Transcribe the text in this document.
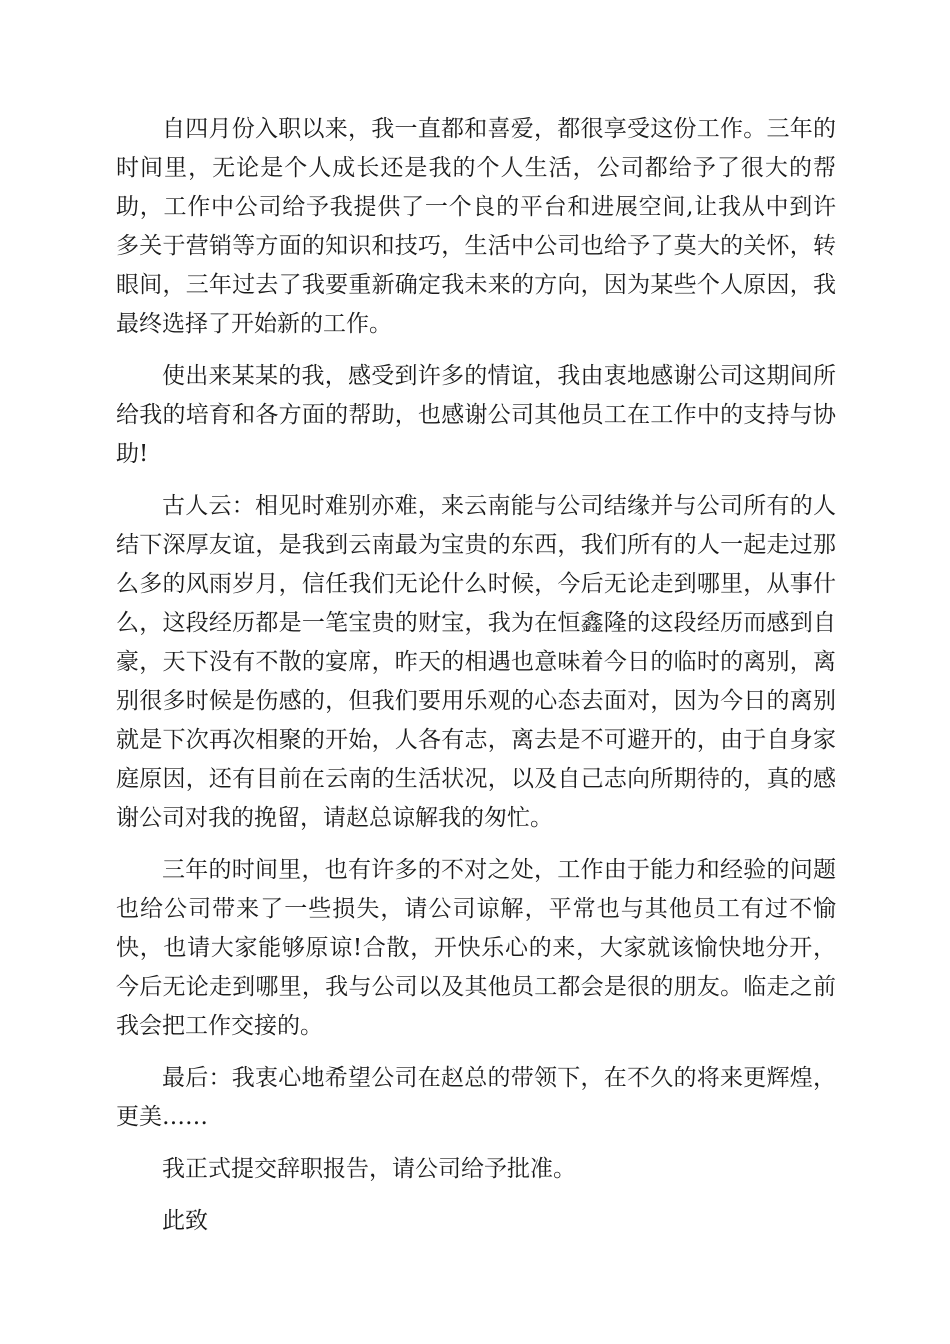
自四月份入职以来，我一直都和喜爱，都很享受这份工作。三年的时间里，无论是个人成长还是我的个人生活，公司都给予了很大的帮助，工作中公司给予我提供了一个良的平台和进展空间,让我从中到许多关于营销等方面的知识和技巧，生活中公司也给予了莫大的关怀，转眼间，三年过去了我要重新确定我未来的方向，因为某些个人原因，我最终选择了开始新的工作。

使出来某某的我，感受到许多的情谊，我由衷地感谢公司这期间所给我的培育和各方面的帮助，也感谢公司其他员工在工作中的支持与协助!

古人云：相见时难别亦难，来云南能与公司结缘并与公司所有的人结下深厚友谊，是我到云南最为宝贵的东西，我们所有的人一起走过那么多的风雨岁月，信任我们无论什么时候，今后无论走到哪里，从事什么，这段经历都是一笔宝贵的财宝，我为在恒鑫隆的这段经历而感到自豪，天下没有不散的宴席，昨天的相遇也意味着今日的临时的离别，离别很多时候是伤感的，但我们要用乐观的心态去面对，因为今日的离别就是下次再次相聚的开始，人各有志，离去是不可避开的，由于自身家庭原因，还有目前在云南的生活状况，以及自己志向所期待的，真的感谢公司对我的挽留，请赵总谅解我的匆忙。

三年的时间里，也有许多的不对之处，工作由于能力和经验的问题也给公司带来了一些损失，请公司谅解，平常也与其他员工有过不愉快，也请大家能够原谅!合散，开快乐心的来，大家就该愉快地分开，今后无论走到哪里，我与公司以及其他员工都会是很的朋友。临走之前我会把工作交接的。

最后：我衷心地希望公司在赵总的带领下，在不久的将来更辉煌，更美……

我正式提交辞职报告，请公司给予批准。

此致
